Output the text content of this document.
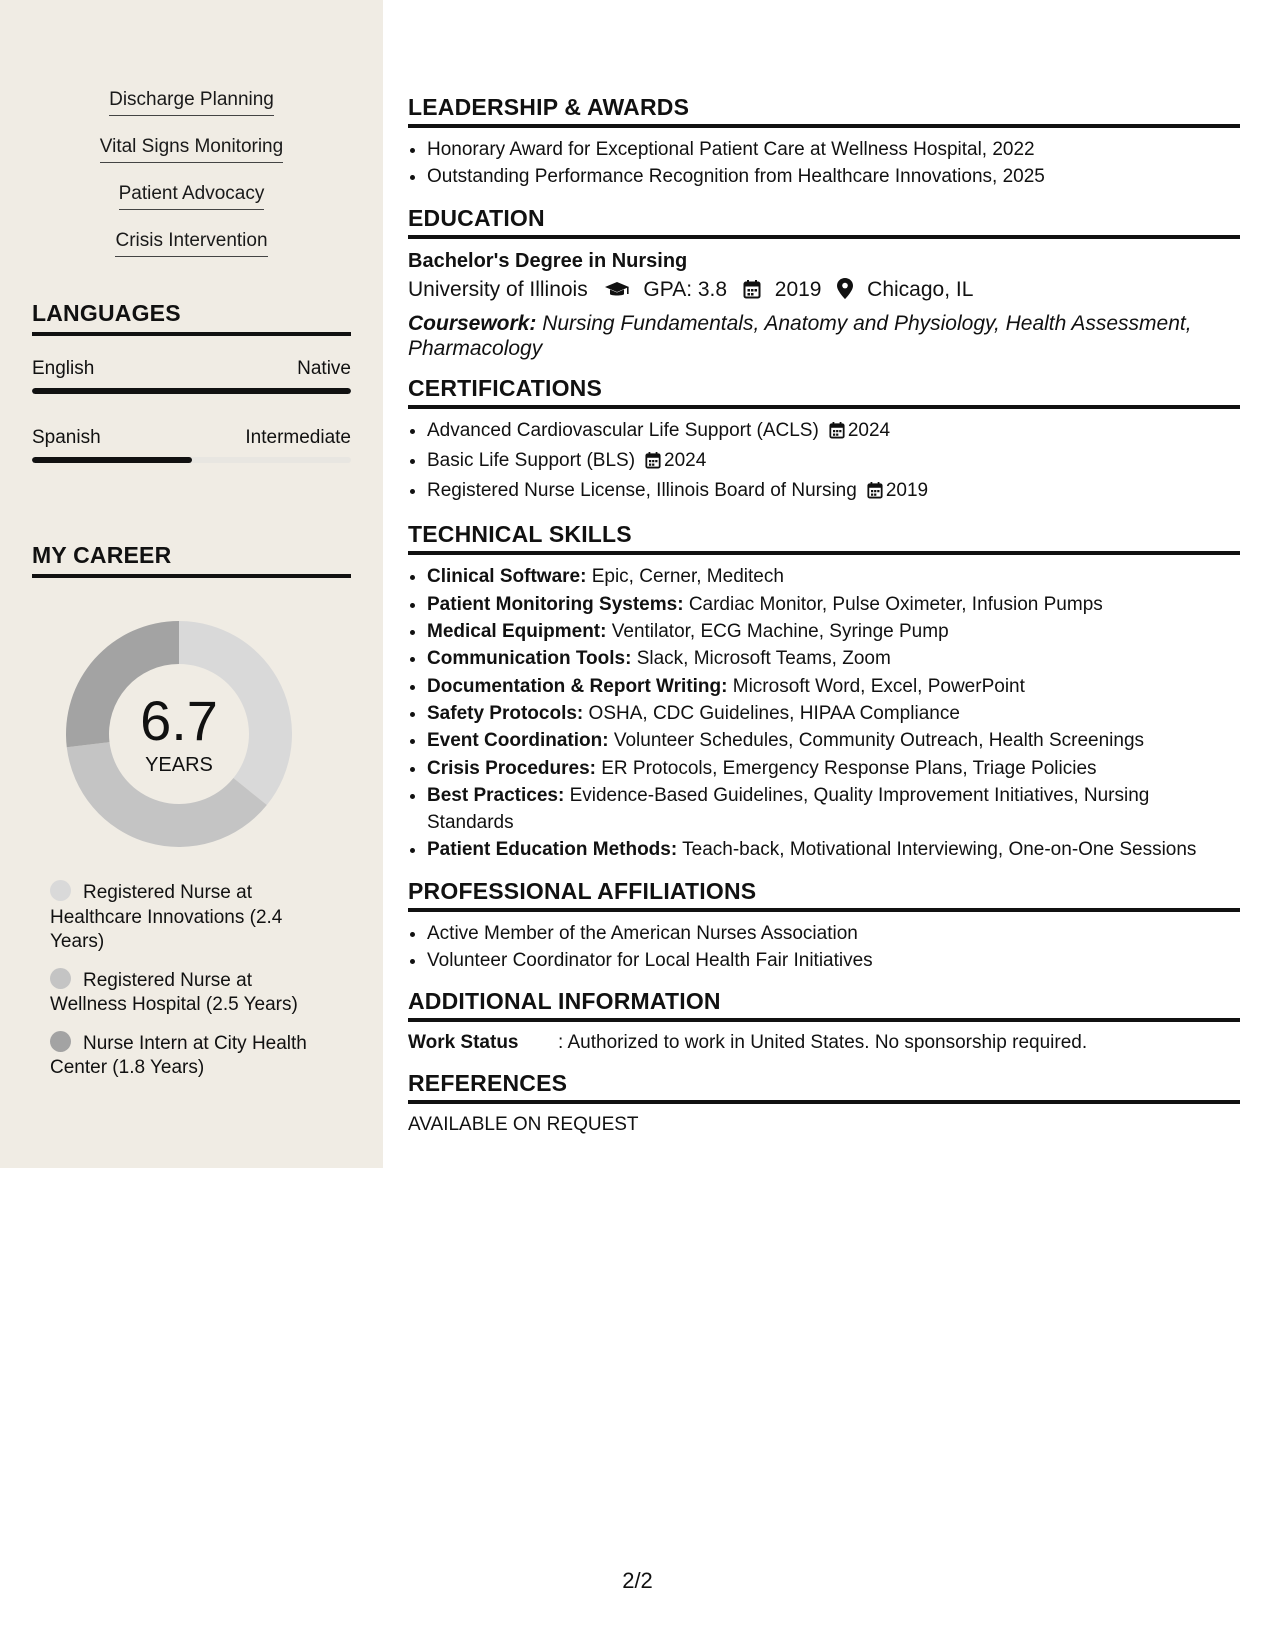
Discharge Planning
Vital Signs Monitoring
Patient Advocacy
Crisis Intervention
LANGUAGES
English	Native
Spanish	Intermediate
MY CAREER
6.7
YEARS
Registered Nurse at Healthcare Innovations (2.4 Years)
Registered Nurse at Wellness Hospital (2.5 Years)
Nurse Intern at City Health Center (1.8 Years)
LEADERSHIP & AWARDS
• Honorary Award for Exceptional Patient Care at Wellness Hospital, 2022
• Outstanding Performance Recognition from Healthcare Innovations, 2025
EDUCATION
Bachelor's Degree in Nursing
University of Illinois	GPA: 3.8 2019 Chicago, IL
Coursework: Nursing Fundamentals, Anatomy and Physiology, Health Assessment, Pharmacology
CERTIFICATIONS
• Advanced Cardiovascular Life Support (ACLS) 2024
• Basic Life Support (BLS) 2024
• Registered Nurse License, Illinois Board of Nursing 2019
TECHNICAL SKILLS
• Clinical Software: Epic, Cerner, Meditech
• Patient Monitoring Systems: Cardiac Monitor, Pulse Oximeter, Infusion Pumps
• Medical Equipment: Ventilator, ECG Machine, Syringe Pump
• Communication Tools: Slack, Microsoft Teams, Zoom
• Documentation & Report Writing: Microsoft Word, Excel, PowerPoint
• Safety Protocols: OSHA, CDC Guidelines, HIPAA Compliance
• Event Coordination: Volunteer Schedules, Community Outreach, Health Screenings
• Crisis Procedures: ER Protocols, Emergency Response Plans, Triage Policies
• Best Practices: Evidence-Based Guidelines, Quality Improvement Initiatives, Nursing Standards
• Patient Education Methods: Teach-back, Motivational Interviewing, One-on-One Sessions
PROFESSIONAL AFFILIATIONS
• Active Member of the American Nurses Association
• Volunteer Coordinator for Local Health Fair Initiatives
ADDITIONAL INFORMATION
Work Status : Authorized to work in United States. No sponsorship required.
REFERENCES
AVAILABLE ON REQUEST
2/2
